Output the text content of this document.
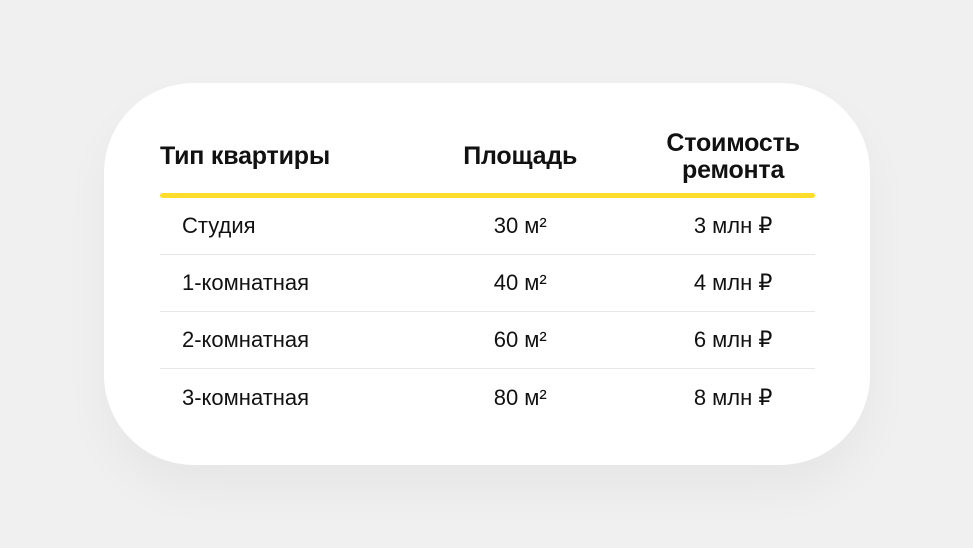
Тип квартиры	Площадь	Стоимость ремонта
Студия	30 м²	3 млн ₽
1-комнатная	40 м²	4 млн ₽
2-комнатная	60 м²	6 млн ₽
3-комнатная	80 м²	8 млн ₽
